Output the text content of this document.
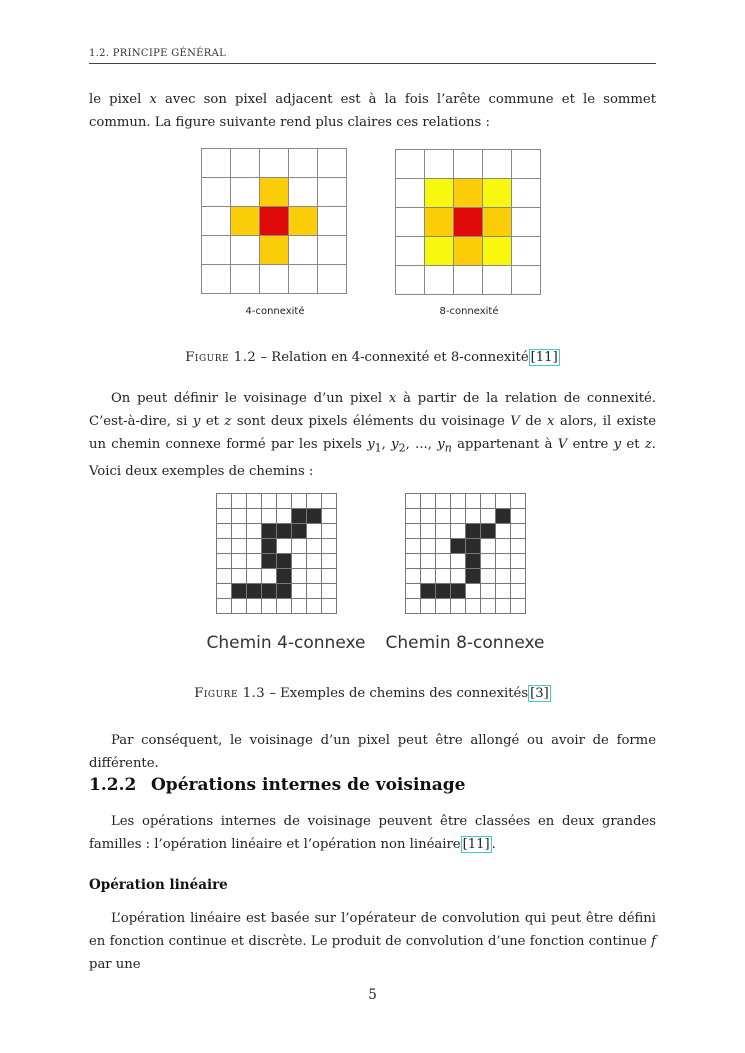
1.2. PRINCIPE GÉNÉRAL

le pixel x avec son pixel adjacent est à la fois l’arête commune et le sommet commun. La figure suivante rend plus claires ces relations :

4-connexité	8-connexité
Figure 1.2 – Relation en 4-connexité et 8-connexité [11]

On peut définir le voisinage d’un pixel x à partir de la relation de connexité. C’est-à-dire, si y et z sont deux pixels éléments du voisinage V de x alors, il existe un chemin connexe formé par les pixels $y_1$, $y_2$, ..., $y_n$ appartenant à V entre y et z. Voici deux exemples de chemins :

Chemin 4-connexe	Chemin 8-connexe
Figure 1.3 – Exemples de chemins des connexités [3]

Par conséquent, le voisinage d’un pixel peut être allongé ou avoir de forme différente.

1.2.2 Opérations internes de voisinage

Les opérations internes de voisinage peuvent être classées en deux grandes familles : l’opération linéaire et l’opération non linéaire [11] .

Opération linéaire

L’opération linéaire est basée sur l’opérateur de convolution qui peut être défini en fonction continue et discrète. Le produit de convolution d’une fonction continue f par une

5
